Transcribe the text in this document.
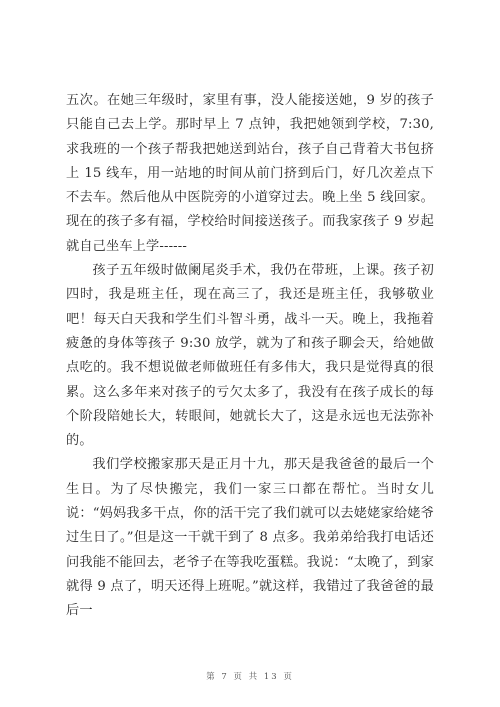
五次。在她三年级时，家里有事，没人能接送她，9 岁的孩子只能自己去上学。那时早上 7 点钟，我把她领到学校，7:30,求我班的一个孩子帮我把她送到站台，孩子自己背着大书包挤上 15 线车，用一站地的时间从前门挤到后门，好几次差点下不去车。然后他从中医院旁的小道穿过去。晚上坐 5 线回家。现在的孩子多有福，学校给时间接送孩子。而我家孩子 9 岁起就自己坐车上学------

孩子五年级时做阑尾炎手术，我仍在带班，上课。孩子初四时，我是班主任，现在高三了，我还是班主任，我够敬业吧！每天白天我和学生们斗智斗勇，战斗一天。晚上，我拖着疲惫的身体等孩子 9:30 放学，就为了和孩子聊会天，给她做点吃的。我不想说做老师做班任有多伟大，我只是觉得真的很累。这么多年来对孩子的亏欠太多了，我没有在孩子成长的每个阶段陪她长大，转眼间，她就长大了，这是永远也无法弥补的。

我们学校搬家那天是正月十九，那天是我爸爸的最后一个生日。为了尽快搬完，我们一家三口都在帮忙。当时女儿说：“妈妈我多干点，你的活干完了我们就可以去姥姥家给姥爷过生日了。”但是这一干就干到了 8 点多。我弟弟给我打电话还问我能不能回去，老爷子在等我吃蛋糕。我说：“太晚了，到家就得 9 点了，明天还得上班呢。”就这样，我错过了我爸爸的最后一

第 7 页 共 13 页
